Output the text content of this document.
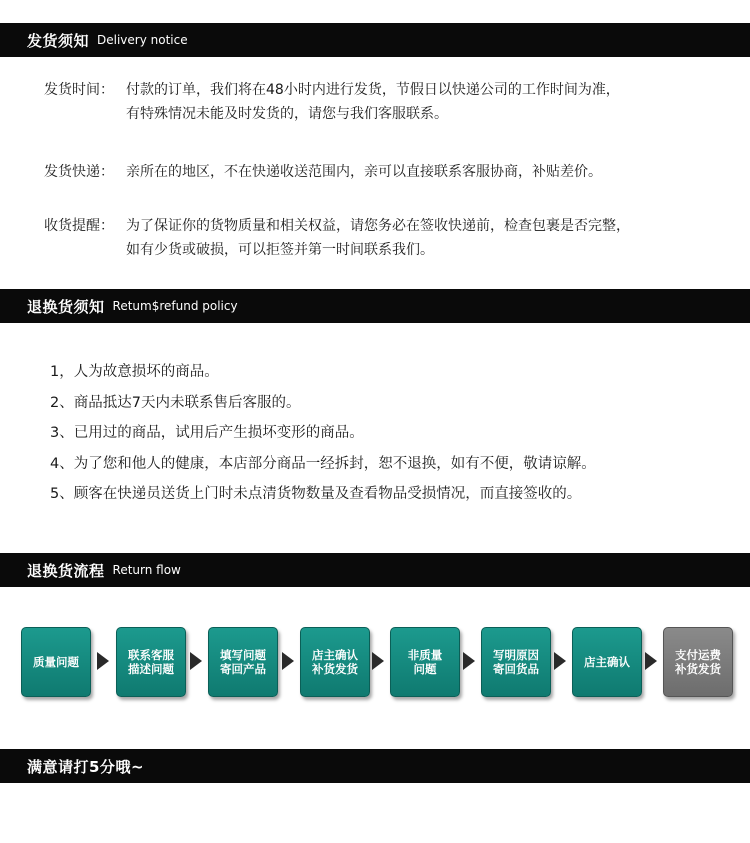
发货须知 Delivery notice
发货时间： 付款的订单，我们将在48小时内进行发货，节假日以快递公司的工作时间为准，
有特殊情况未能及时发货的，请您与我们客服联系。
发货快递： 亲所在的地区，不在快递收送范围内，亲可以直接联系客服协商，补贴差价。
收货提醒： 为了保证你的货物质量和相关权益，请您务必在签收快递前，检查包裹是否完整，
如有少货或破损，可以拒签并第一时间联系我们。
退换货须知 Retum$refund policy
1，人为故意损坏的商品。
2、商品抵达7天内未联系售后客服的。
3、已用过的商品，试用后产生损坏变形的商品。
4、为了您和他人的健康，本店部分商品一经拆封，恕不退换，如有不便，敬请谅解。
5、顾客在快递员送货上门时未点清货物数量及查看物品受损情况，而直接签收的。
退换货流程 Return flow
质量问题	联系客服
描述问题
填写问题
寄回产品
店主确认
补货发货
非质量
问题
写明原因
寄回货品	店主确认	支付运费
补货发货
满意请打5分哦~
